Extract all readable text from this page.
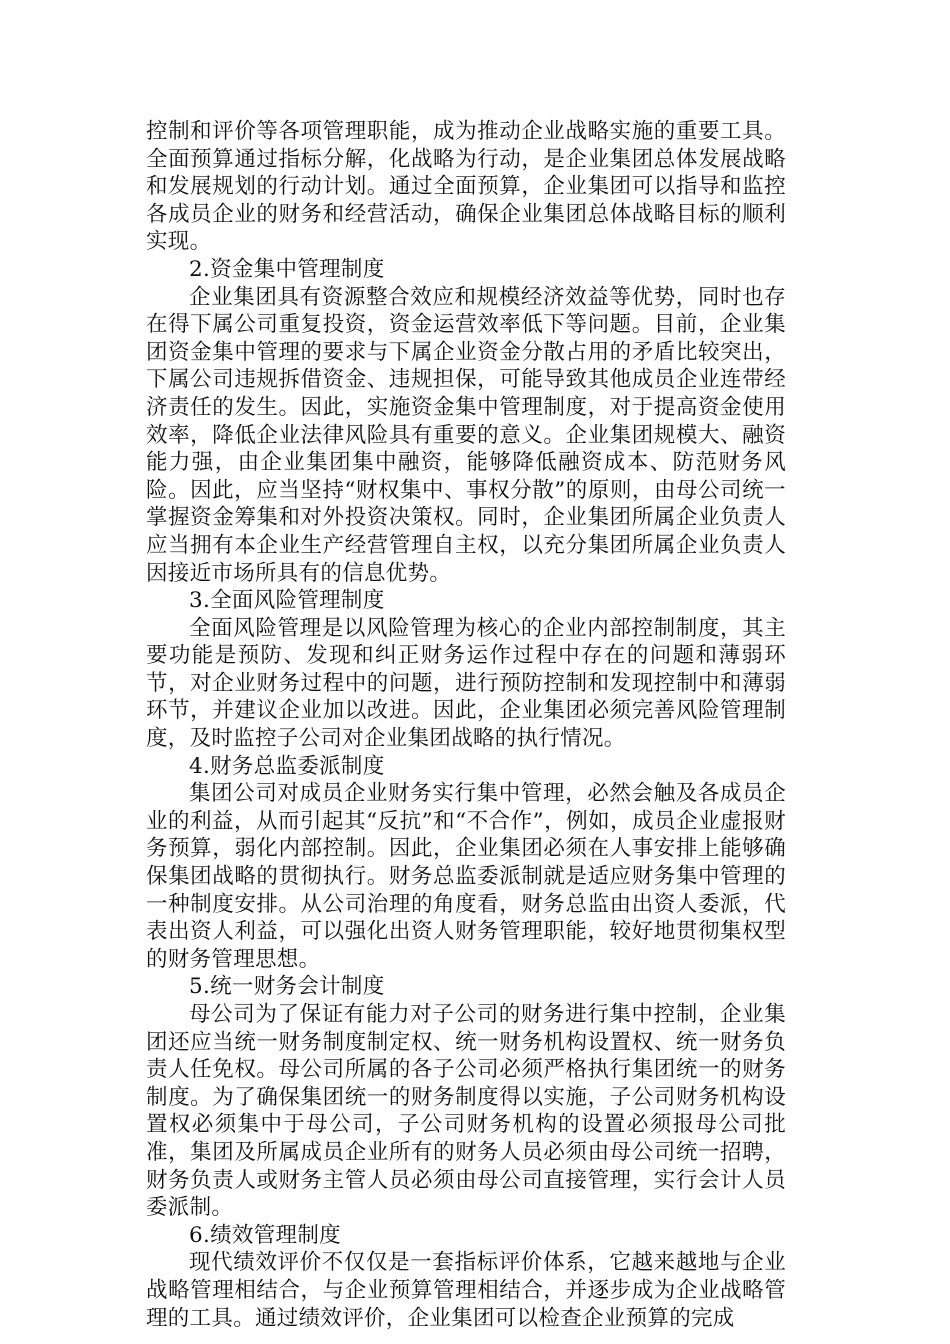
控制和评价等各项管理职能，成为推动企业战略实施的重要工具。全面预算通过指标分解，化战略为行动，是企业集团总体发展战略和发展规划的行动计划。通过全面预算，企业集团可以指导和监控各成员企业的财务和经营活动，确保企业集团总体战略目标的顺利实现。

2.资金集中管理制度

企业集团具有资源整合效应和规模经济效益等优势，同时也存在得下属公司重复投资，资金运营效率低下等问题。目前，企业集团资金集中管理的要求与下属企业资金分散占用的矛盾比较突出，下属公司违规拆借资金、违规担保，可能导致其他成员企业连带经济责任的发生。因此，实施资金集中管理制度，对于提高资金使用效率，降低企业法律风险具有重要的意义。企业集团规模大、融资能力强，由企业集团集中融资，能够降低融资成本、防范财务风险。因此，应当坚持“财权集中、事权分散”的原则，由母公司统一掌握资金筹集和对外投资决策权。同时，企业集团所属企业负责人应当拥有本企业生产经营管理自主权，以充分集团所属企业负责人因接近市场所具有的信息优势。

3.全面风险管理制度

全面风险管理是以风险管理为核心的企业内部控制制度，其主要功能是预防、发现和纠正财务运作过程中存在的问题和薄弱环节，对企业财务过程中的问题，进行预防控制和发现控制中和薄弱环节，并建议企业加以改进。因此，企业集团必须完善风险管理制度，及时监控子公司对企业集团战略的执行情况。

4.财务总监委派制度

集团公司对成员企业财务实行集中管理，必然会触及各成员企业的利益，从而引起其“反抗”和“不合作”，例如，成员企业虚报财务预算，弱化内部控制。因此，企业集团必须在人事安排上能够确保集团战略的贯彻执行。财务总监委派制就是适应财务集中管理的一种制度安排。从公司治理的角度看，财务总监由出资人委派，代表出资人利益，可以强化出资人财务管理职能，较好地贯彻集权型的财务管理思想。

5.统一财务会计制度

母公司为了保证有能力对子公司的财务进行集中控制，企业集团还应当统一财务制度制定权、统一财务机构设置权、统一财务负责人任免权。母公司所属的各子公司必须严格执行集团统一的财务制度。为了确保集团统一的财务制度得以实施，子公司财务机构设置权必须集中于母公司，子公司财务机构的设置必须报母公司批准，集团及所属成员企业所有的财务人员必须由母公司统一招聘，财务负责人或财务主管人员必须由母公司直接管理，实行会计人员委派制。

6.绩效管理制度

现代绩效评价不仅仅是一套指标评价体系，它越来越地与企业战略管理相结合，与企业预算管理相结合，并逐步成为企业战略管理的工具。通过绩效评价，企业集团可以检查企业预算的完成
